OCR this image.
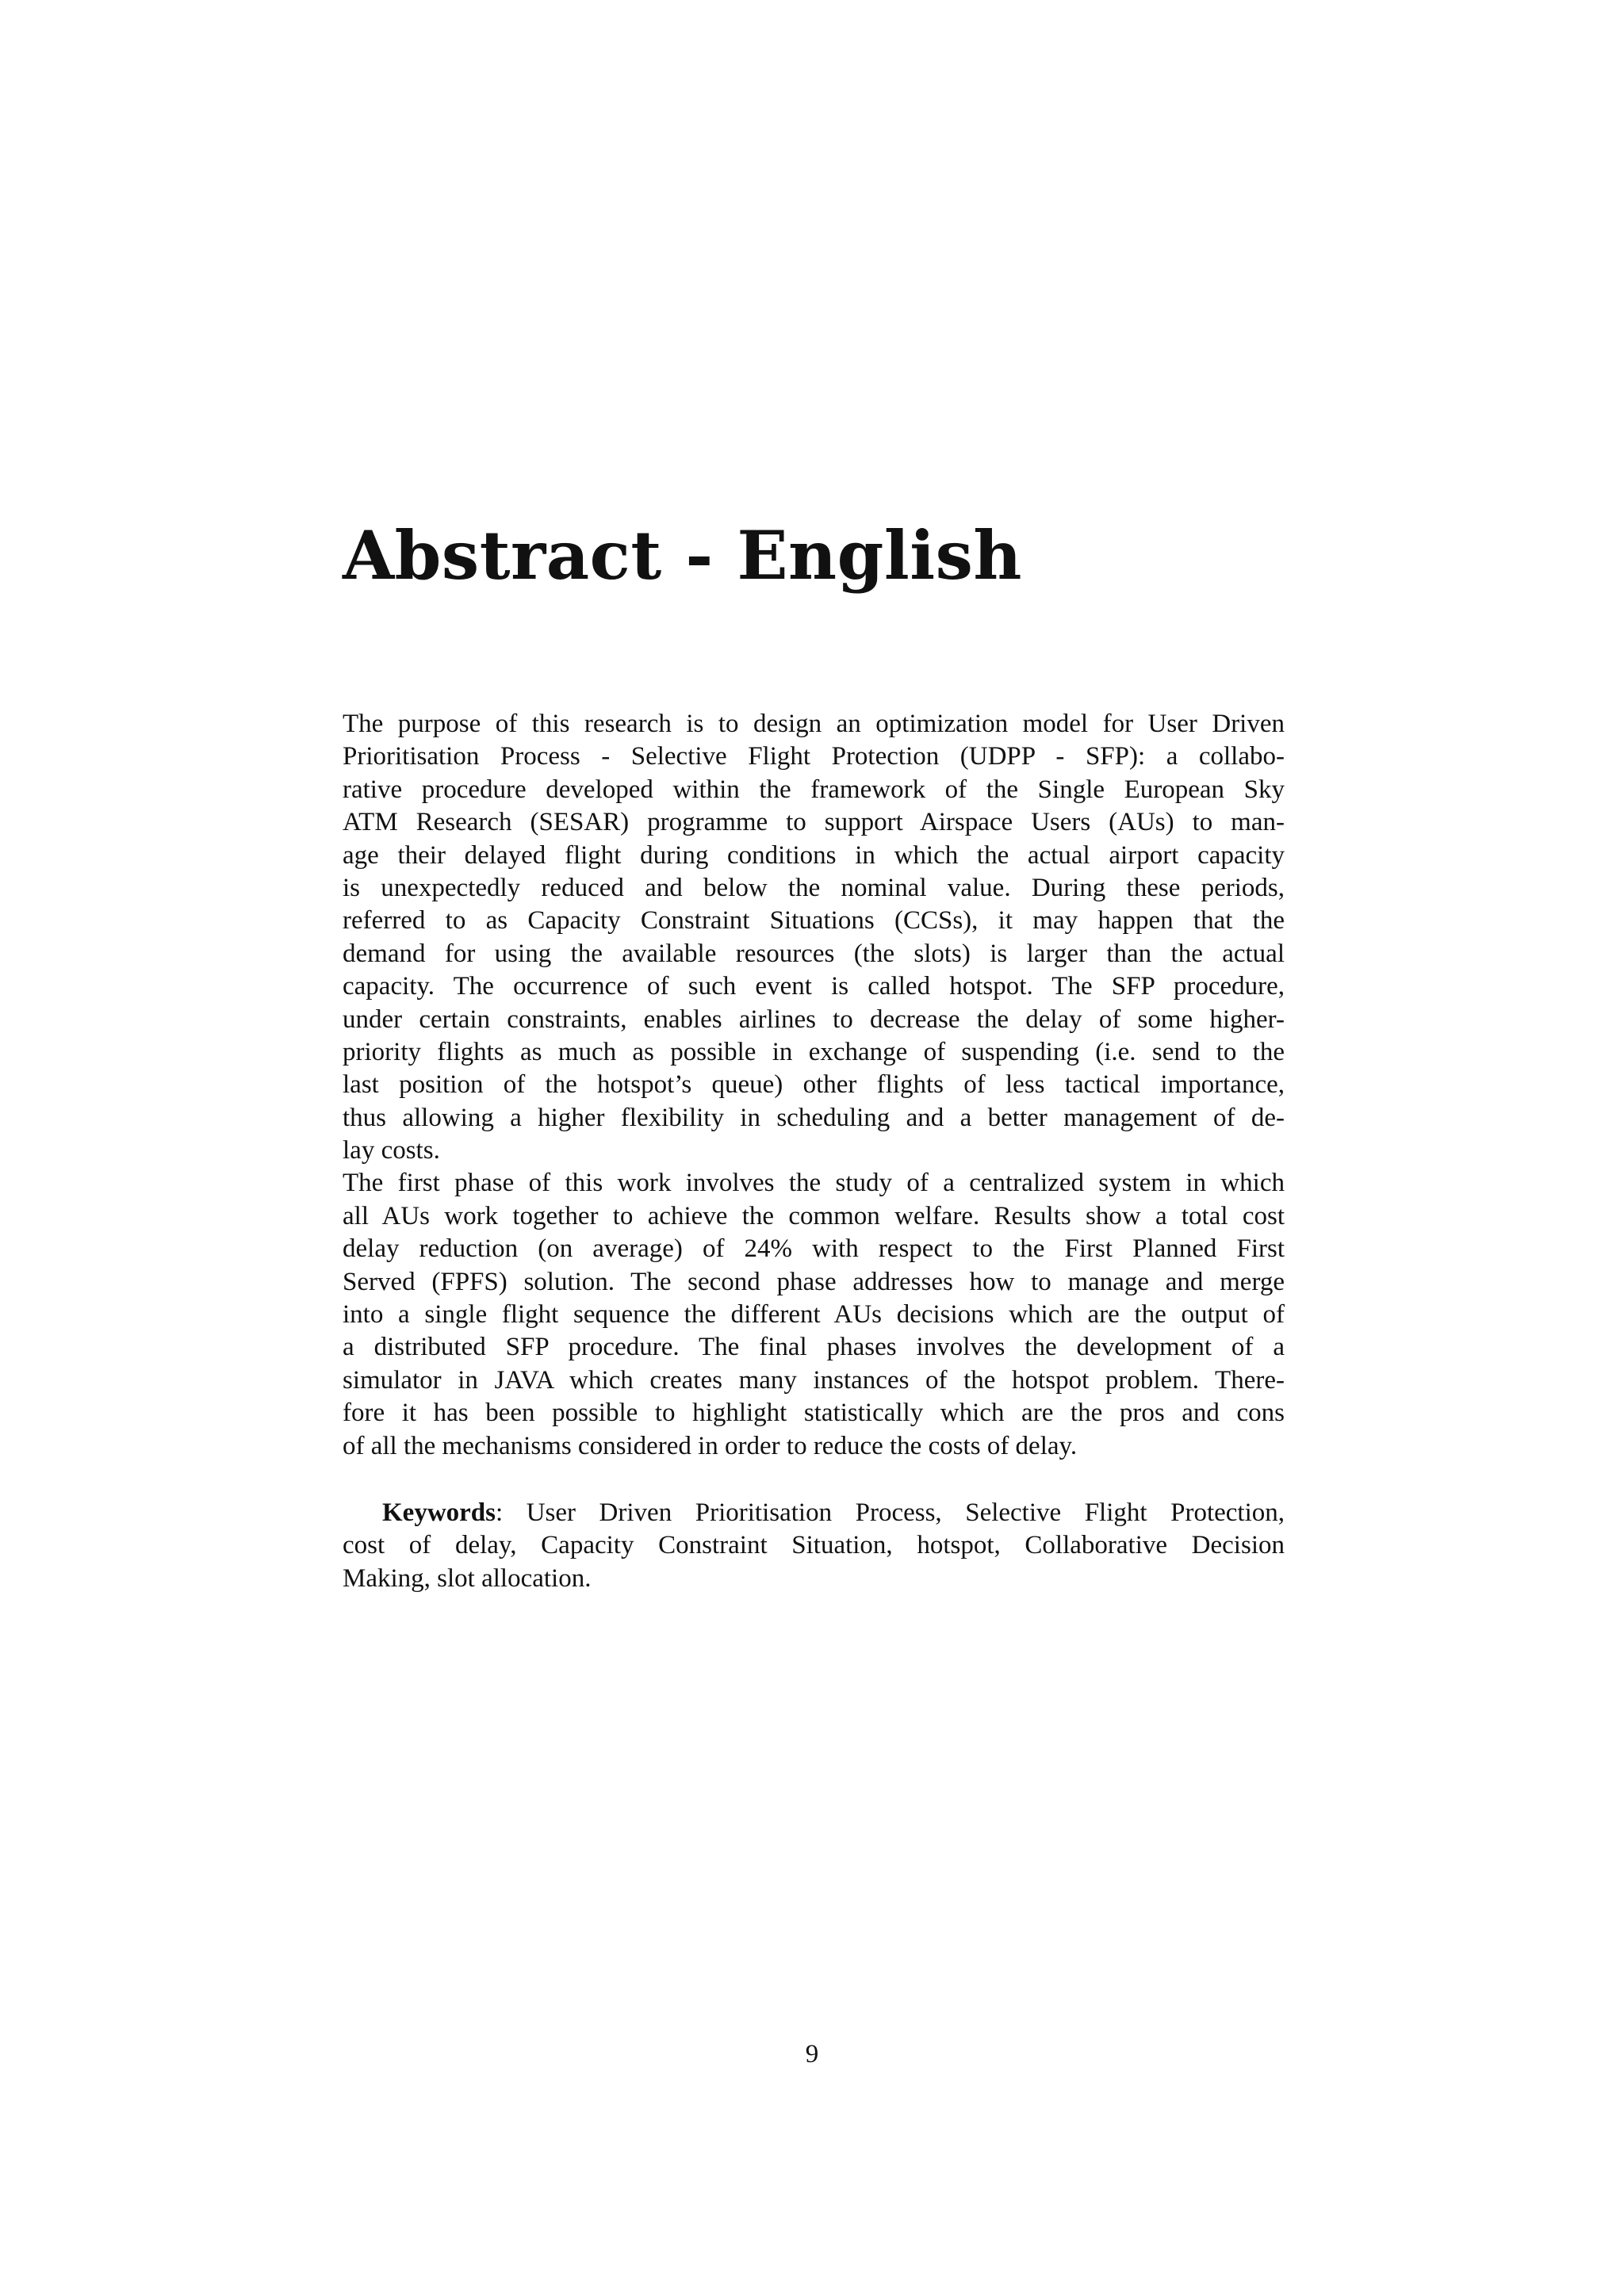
Abstract - English
The purpose of this research is to design an optimization model for User Driven
Prioritisation Process - Selective Flight Protection (UDPP - SFP): a collabo-
rative procedure developed within the framework of the Single European Sky
ATM Research (SESAR) programme to support Airspace Users (AUs) to man-
age their delayed flight during conditions in which the actual airport capacity
is unexpectedly reduced and below the nominal value. During these periods,
referred to as Capacity Constraint Situations (CCSs), it may happen that the
demand for using the available resources (the slots) is larger than the actual
capacity. The occurrence of such event is called hotspot. The SFP procedure,
under certain constraints, enables airlines to decrease the delay of some higher-
priority flights as much as possible in exchange of suspending (i.e. send to the
last position of the hotspot’s queue) other flights of less tactical importance,
thus allowing a higher flexibility in scheduling and a better management of de-
lay costs.
The first phase of this work involves the study of a centralized system in which
all AUs work together to achieve the common welfare. Results show a total cost
delay reduction (on average) of 24% with respect to the First Planned First
Served (FPFS) solution. The second phase addresses how to manage and merge
into a single flight sequence the different AUs decisions which are the output of
a distributed SFP procedure. The final phases involves the development of a
simulator in JAVA which creates many instances of the hotspot problem. There-
fore it has been possible to highlight statistically which are the pros and cons
of all the mechanisms considered in order to reduce the costs of delay.
Keywords: User Driven Prioritisation Process, Selective Flight Protection,
cost of delay, Capacity Constraint Situation, hotspot, Collaborative Decision
Making, slot allocation.

9
